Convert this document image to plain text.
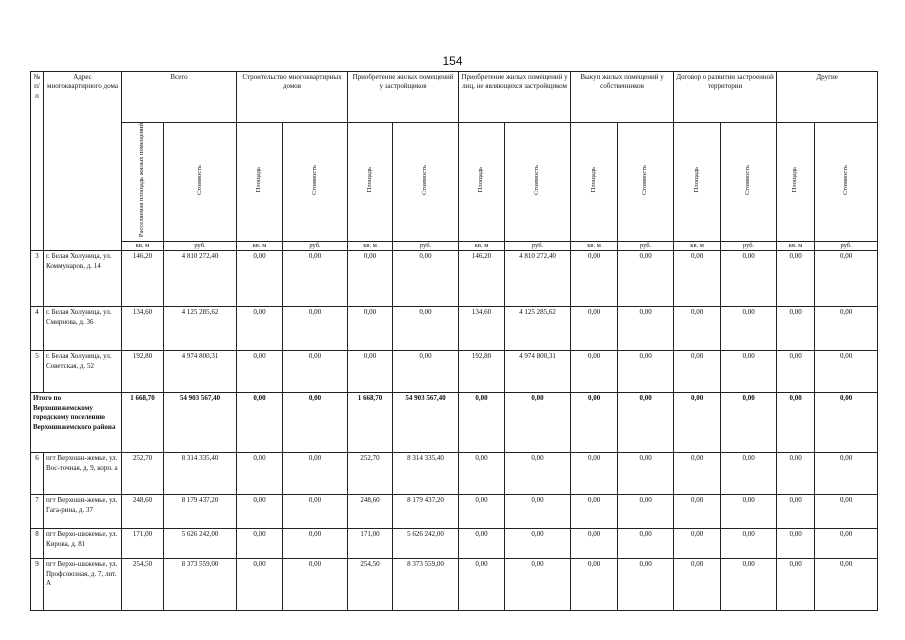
154
№ п/п	Адрес многоквартирного дома	Всего		Строительство многоквартирных домов		Приобретение жилых помещений у застройщиков		Приобретение жилых помещений у лиц, не являющихся застройщиком		Выкуп жилых помещений у собственников		Договор о развитии застроенной территории		Другие	
		Расселяемая площадь жилых помещений	Стоимость	Площадь	Стоимость	Площадь	Стоимость	Площадь	Стоимость	Площадь	Стоимость	Площадь	Стоимость	Площадь	Стоимость
		кв. м	руб.	кв. м	руб.	кв. м	руб.	кв. м	руб.	кв. м	руб.	кв. м	руб.	кв. м	руб.
3	г. Белая Холуница, ул. Коммунаров, д. 14	146,20	4 810 272,40	0,00	0,00	0,00	0,00	146,20	4 810 272,40	0,00	0,00	0,00	0,00	0,00	0,00
4	г. Белая Холуница, ул. Смирнова, д. 36	134,60	4 125 285,62	0,00	0,00	0,00	0,00	134,60	4 125 285,62	0,00	0,00	0,00	0,00	0,00	0,00
5	г. Белая Холуница, ул. Советская, д. 52	192,80	4 974 800,31	0,00	0,00	0,00	0,00	192,80	4 974 800,31	0,00	0,00	0,00	0,00	0,00	0,00
Итого по Верхошижемскому городскому поселению Верхошижемского района		1 668,70	54 903 567,40	0,00	0,00	1 668,70	54 903 567,40	0,00	0,00	0,00	0,00	0,00	0,00	0,00	0,00
6	пгт Верхоши-жемье, ул. Вос-точная, д. 9, корп. а	252,70	8 314 335,40	0,00	0,00	252,70	8 314 335,40	0,00	0,00	0,00	0,00	0,00	0,00	0,00	0,00
7	пгт Верхоши-жемье, ул. Гага-рина, д. 37	248,60	8 179 437,20	0,00	0,00	248,60	8 179 437,20	0,00	0,00	0,00	0,00	0,00	0,00	0,00	0,00
8	пгт Верхо-шижемье, ул. Кирова, д. 81	171,00	5 626 242,00	0,00	0,00	171,00	5 626 242,00	0,00	0,00	0,00	0,00	0,00	0,00	0,00	0,00
9	пгт Верхо-шижемье, ул. Профсоюзная, д. 7, лит. А	254,50	8 373 559,00	0,00	0,00	254,50	8 373 559,00	0,00	0,00	0,00	0,00	0,00	0,00	0,00	0,00
